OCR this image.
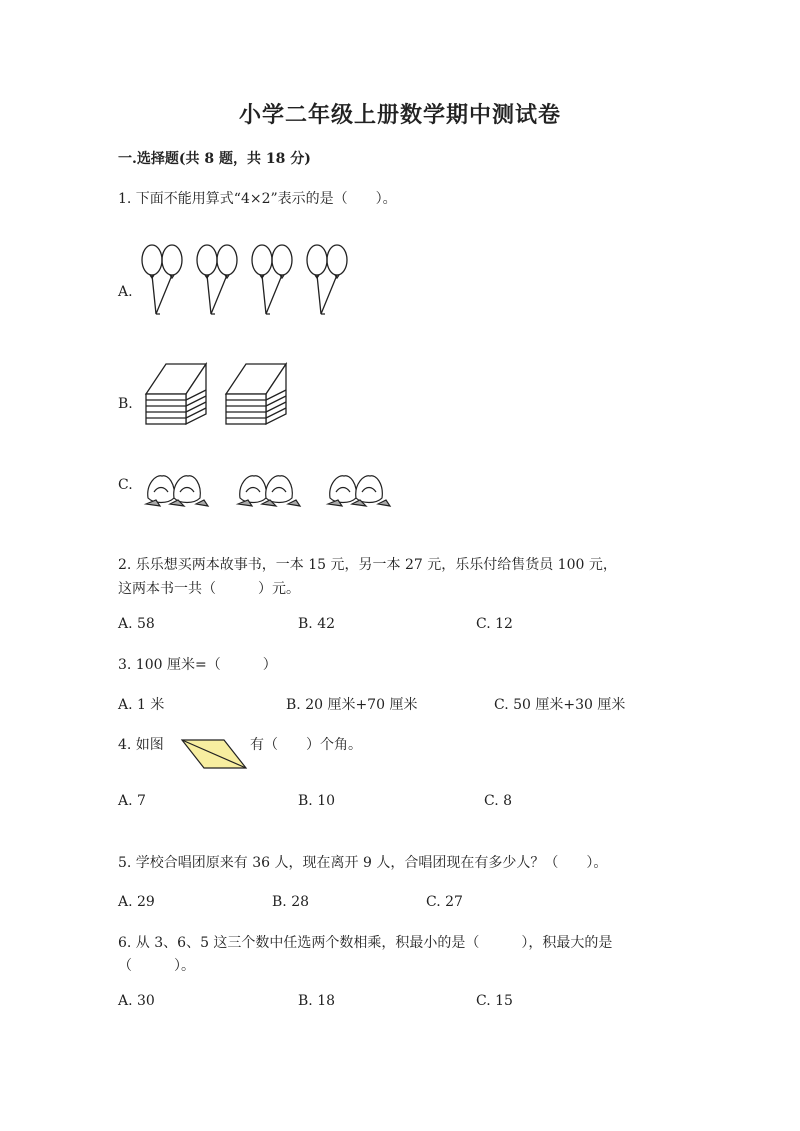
小学二年级上册数学期中测试卷
一.选择题(共 8 题，共 18 分)
1. 下面不能用算式“4×2”表示的是（　　）。
A.
B.
C.
2. 乐乐想买两本故事书，一本 15 元，另一本 27 元，乐乐付给售货员 100 元，
这两本书一共（　　　）元。
A. 58	B. 42	C. 12
3. 100 厘米=（　　　）
A. 1 米	B. 20 厘米+70 厘米	C. 50 厘米+30 厘米
4. 如图	有（　　）个角。
A. 7	B. 10	C. 8
5. 学校合唱团原来有 36 人，现在离开 9 人，合唱团现在有多少人？（　　）。
A. 29	B. 28	C. 27
6. 从 3、6、5 这三个数中任选两个数相乘，积最小的是（　　　），积最大的是
（　　　）。
A. 30	B. 18	C. 15
